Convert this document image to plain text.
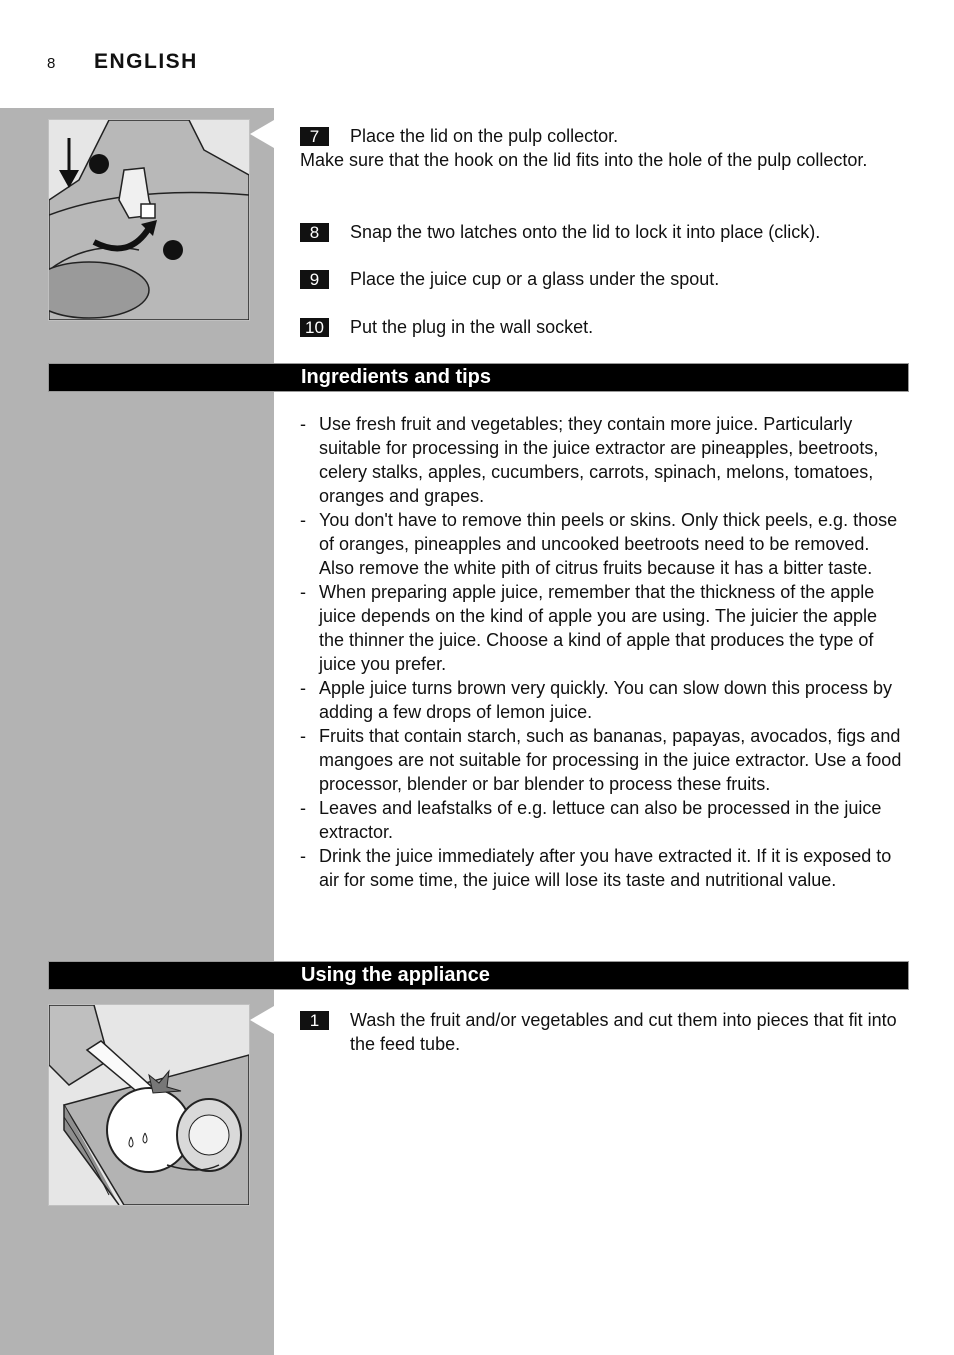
8 ENGLISH
7	Place the lid on the pulp collector.
Make sure that the hook on the lid fits into the hole of the pulp collector.
8	Snap the two latches onto the lid to lock it into place (click).
9	Place the juice cup or a glass under the spout.
10	Put the plug in the wall socket.
Ingredients and tips
- Use fresh fruit and vegetables; they contain more juice. Particularly suitable for processing in the juice extractor are pineapples, beetroots, celery stalks, apples, cucumbers, carrots, spinach, melons, tomatoes, oranges and grapes.
- You don't have to remove thin peels or skins. Only thick peels, e.g. those of oranges, pineapples and uncooked beetroots need to be removed. Also remove the white pith of citrus fruits because it has a bitter taste.
- When preparing apple juice, remember that the thickness of the apple juice depends on the kind of apple you are using. The juicier the apple the thinner the juice. Choose a kind of apple that produces the type of juice you prefer.
- Apple juice turns brown very quickly. You can slow down this process by adding a few drops of lemon juice.
- Fruits that contain starch, such as bananas, papayas, avocados, figs and mangoes are not suitable for processing in the juice extractor. Use a food processor, blender or bar blender to process these fruits.
- Leaves and leafstalks of e.g. lettuce can also be processed in the juice extractor.
- Drink the juice immediately after you have extracted it. If it is exposed to air for some time, the juice will lose its taste and nutritional value.
Using the appliance
1	Wash the fruit and/or vegetables and cut them into pieces that fit into the feed tube.
